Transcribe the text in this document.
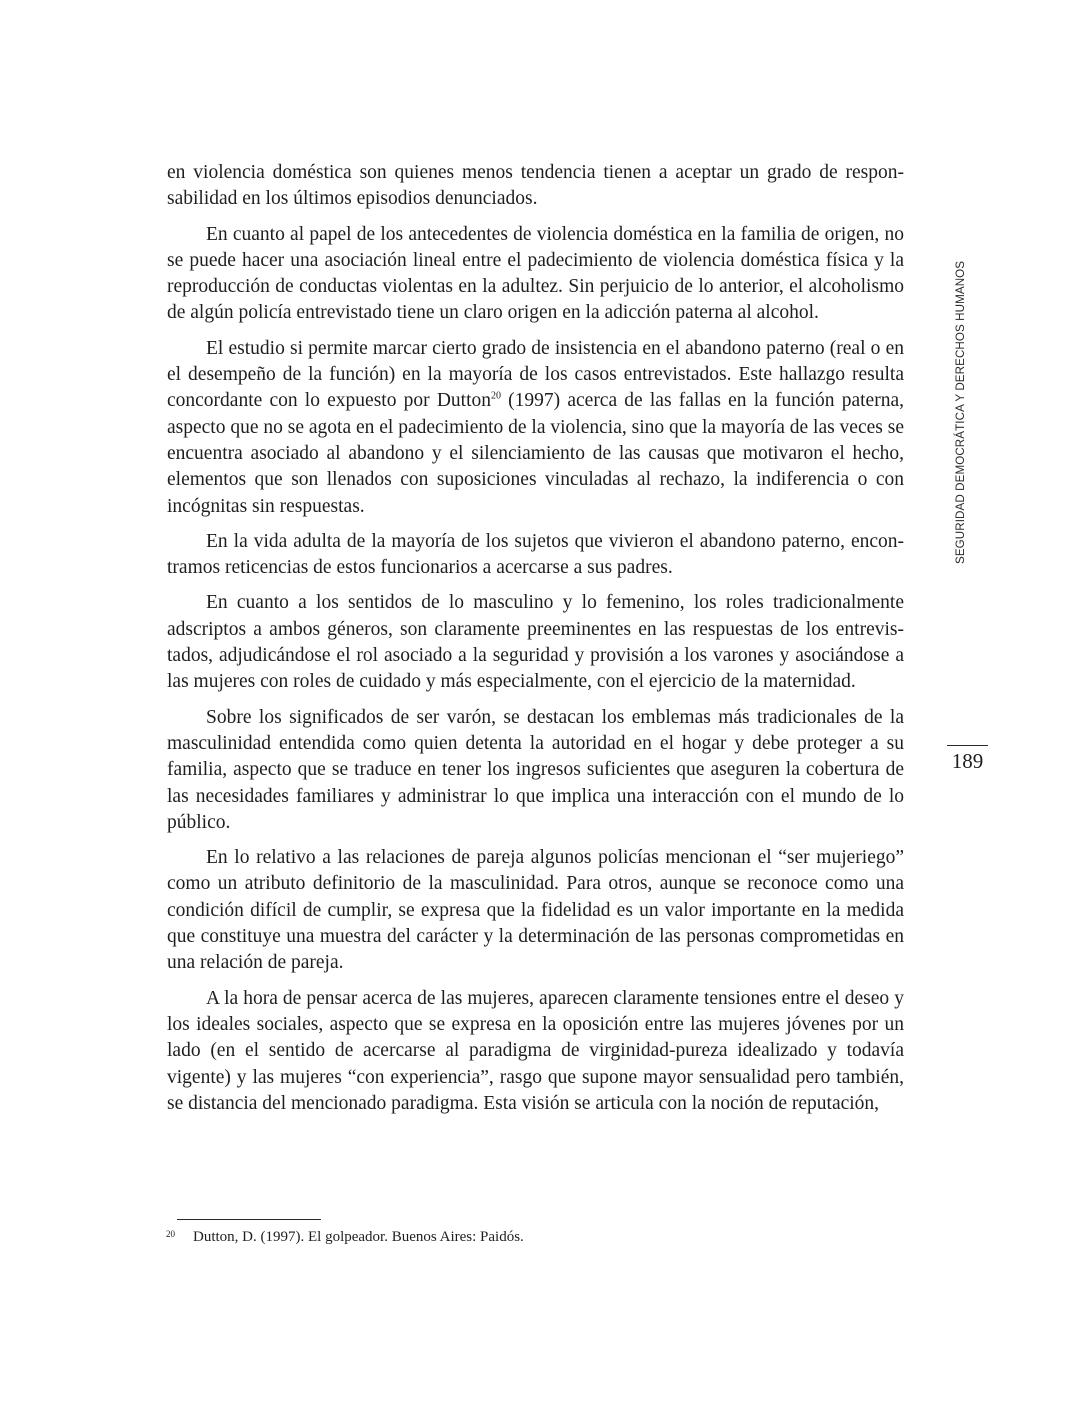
en violencia doméstica son quienes menos tendencia tienen a aceptar un grado de responsabilidad en los últimos episodios denunciados.

En cuanto al papel de los antecedentes de violencia doméstica en la familia de origen, no se puede hacer una asociación lineal entre el padecimiento de violencia doméstica física y la reproducción de conductas violentas en la adultez. Sin perjuicio de lo anterior, el alcoholismo de algún policía entrevistado tiene un claro origen en la adicción paterna al alcohol.

El estudio si permite marcar cierto grado de insistencia en el abandono paterno (real o en el desempeño de la función) en la mayoría de los casos entrevistados. Este hallazgo resulta concordante con lo expuesto por Dutton$^{20}$ (1997) acerca de las fallas en la función paterna, aspecto que no se agota en el padecimiento de la violencia, sino que la mayoría de las veces se encuentra asociado al abandono y el silenciamiento de las causas que motivaron el hecho, elementos que son llenados con suposiciones vinculadas al rechazo, la indiferencia o con incógnitas sin respuestas.

En la vida adulta de la mayoría de los sujetos que vivieron el abandono paterno, encontramos reticencias de estos funcionarios a acercarse a sus padres.

En cuanto a los sentidos de lo masculino y lo femenino, los roles tradicionalmente adscriptos a ambos géneros, son claramente preeminentes en las respuestas de los entrevistados, adjudicándose el rol asociado a la seguridad y provisión a los varones y asociándose a las mujeres con roles de cuidado y más especialmente, con el ejercicio de la maternidad.

Sobre los significados de ser varón, se destacan los emblemas más tradicionales de la masculinidad entendida como quien detenta la autoridad en el hogar y debe proteger a su familia, aspecto que se traduce en tener los ingresos suficientes que aseguren la cobertura de las necesidades familiares y administrar lo que implica una interacción con el mundo de lo público.

En lo relativo a las relaciones de pareja algunos policías mencionan el “ser mujeriego” como un atributo definitorio de la masculinidad. Para otros, aunque se reconoce como una condición difícil de cumplir, se expresa que la fidelidad es un valor importante en la medida que constituye una muestra del carácter y la determinación de las personas comprometidas en una relación de pareja.

A la hora de pensar acerca de las mujeres, aparecen claramente tensiones entre el deseo y los ideales sociales, aspecto que se expresa en la oposición entre las mujeres jóvenes por un lado (en el sentido de acercarse al paradigma de virginidad-pureza idealizado y todavía vigente) y las mujeres “con experiencia”, rasgo que supone mayor sensualidad pero también, se distancia del mencionado paradigma. Esta visión se articula con la noción de reputación,

SEGURIDAD DEMOCRÁTICA Y DERECHOS HUMANOS
189
20 Dutton, D. (1997). El golpeador. Buenos Aires: Paidós.
